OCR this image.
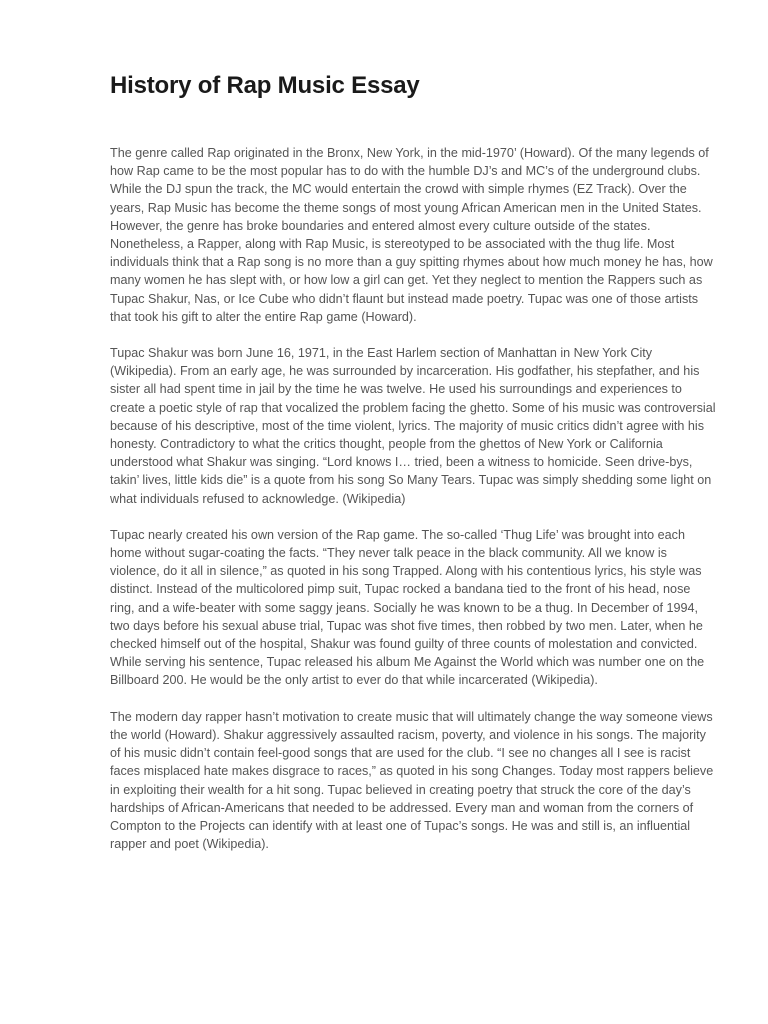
History of Rap Music Essay

The genre called Rap originated in the Bronx, New York, in the mid-1970’ (Howard). Of the many legends of how Rap came to be the most popular has to do with the humble DJ’s and MC’s of the underground clubs. While the DJ spun the track, the MC would entertain the crowd with simple rhymes (EZ Track). Over the years, Rap Music has become the theme songs of most young African American men in the United States. However, the genre has broke boundaries and entered almost every culture outside of the states. Nonetheless, a Rapper, along with Rap Music, is stereotyped to be associated with the thug life. Most individuals think that a Rap song is no more than a guy spitting rhymes about how much money he has, how many women he has slept with, or how low a girl can get. Yet they neglect to mention the Rappers such as Tupac Shakur, Nas, or Ice Cube who didn’t flaunt but instead made poetry. Tupac was one of those artists that took his gift to alter the entire Rap game (Howard).

Tupac Shakur was born June 16, 1971, in the East Harlem section of Manhattan in New York City (Wikipedia). From an early age, he was surrounded by incarceration. His godfather, his stepfather, and his sister all had spent time in jail by the time he was twelve. He used his surroundings and experiences to create a poetic style of rap that vocalized the problem facing the ghetto. Some of his music was controversial because of his descriptive, most of the time violent, lyrics. The majority of music critics didn’t agree with his honesty. Contradictory to what the critics thought, people from the ghettos of New York or California understood what Shakur was singing. “Lord knows I… tried, been a witness to homicide. Seen drive-bys, takin’ lives, little kids die” is a quote from his song So Many Tears. Tupac was simply shedding some light on what individuals refused to acknowledge. (Wikipedia)

Tupac nearly created his own version of the Rap game. The so-called ‘Thug Life’ was brought into each home without sugar-coating the facts. “They never talk peace in the black community. All we know is violence, do it all in silence,” as quoted in his song Trapped. Along with his contentious lyrics, his style was distinct. Instead of the multicolored pimp suit, Tupac rocked a bandana tied to the front of his head, nose ring, and a wife-beater with some saggy jeans. Socially he was known to be a thug. In December of 1994, two days before his sexual abuse trial, Tupac was shot five times, then robbed by two men. Later, when he checked himself out of the hospital, Shakur was found guilty of three counts of molestation and convicted. While serving his sentence, Tupac released his album Me Against the World which was number one on the Billboard 200. He would be the only artist to ever do that while incarcerated (Wikipedia).

The modern day rapper hasn’t motivation to create music that will ultimately change the way someone views the world (Howard). Shakur aggressively assaulted racism, poverty, and violence in his songs. The majority of his music didn’t contain feel-good songs that are used for the club. “I see no changes all I see is racist faces misplaced hate makes disgrace to races,” as quoted in his song Changes. Today most rappers believe in exploiting their wealth for a hit song. Tupac believed in creating poetry that struck the core of the day’s hardships of African-Americans that needed to be addressed. Every man and woman from the corners of Compton to the Projects can identify with at least one of Tupac’s songs. He was and still is, an influential rapper and poet (Wikipedia).
